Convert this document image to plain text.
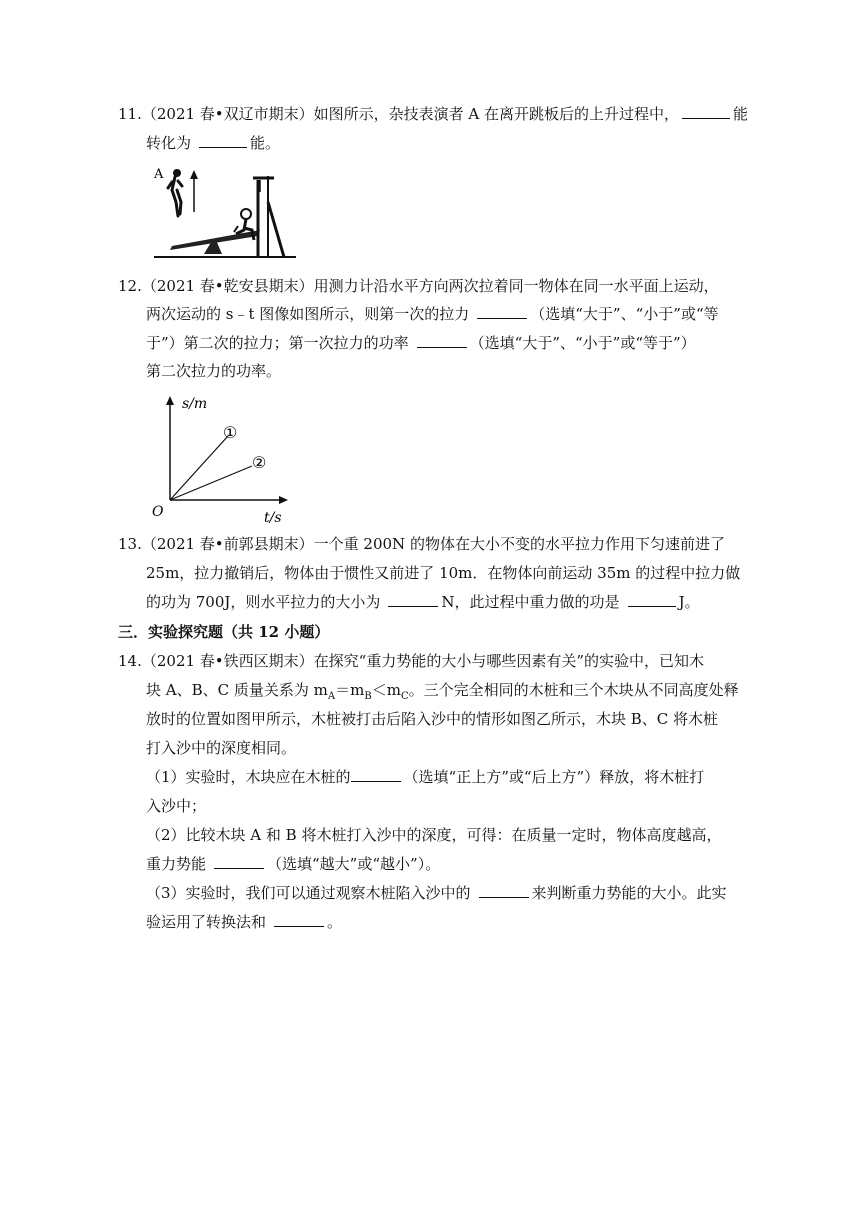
11.（2021 春•双辽市期末）如图所示，杂技表演者 A 在离开跳板后的上升过程中，	能
转化为	能。
A
12.（2021 春•乾安县期末）用测力计沿水平方向两次拉着同一物体在同一水平面上运动，
两次运动的 s﹣t 图像如图所示，则第一次的拉力	（选填“大于”、“小于”或“等
于”）第二次的拉力；第一次拉力的功率	（选填“大于”、“小于”或“等于”）
第二次拉力的功率。
s/m
t/s
O
①
②
13.（2021 春•前郭县期末）一个重 200N 的物体在大小不变的水平拉力作用下匀速前进了
25m，拉力撤销后，物体由于惯性又前进了 10m．在物体向前运动 35m 的过程中拉力做
的功为 700J，则水平拉力的大小为	N，此过程中重力做的功是	J。
三．实验探究题（共 12 小题）
14.（2021 春•铁西区期末）在探究“重力势能的大小与哪些因素有关”的实验中，已知木
块 A、B、C 质量关系为 $m_A=m_B<m_C$。三个完全相同的木桩和三个木块从不同高度处释
放时的位置如图甲所示，木桩被打击后陷入沙中的情形如图乙所示，木块 B、C 将木桩
打入沙中的深度相同。
（1）实验时，木块应在木桩的	（选填“正上方”或“后上方”）释放，将木桩打
入沙中；
（2）比较木块 A 和 B 将木桩打入沙中的深度，可得：在质量一定时，物体高度越高，
重力势能	（选填“越大”或“越小”）。
（3）实验时，我们可以通过观察木桩陷入沙中的	来判断重力势能的大小。此实
验运用了转换法和	。
